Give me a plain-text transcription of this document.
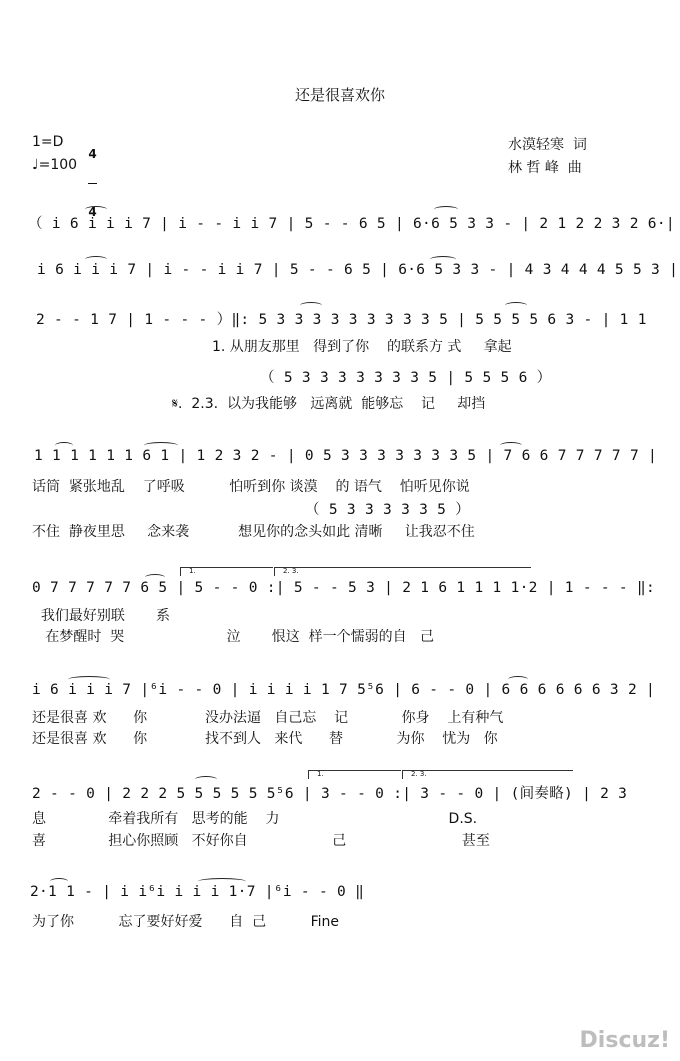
还是很喜欢你
1=D

4

4

♩=100
水漠轻寒  词
林 哲 峰  曲
（ i 6 i i i 7 | i - - i i 7 | 5 - - 6 5 | 6·6 5 3 3 - | 2 1 2 2 3 2 6·|
i 6 i i i 7 | i - - i i 7 | 5 - - 6 5 | 6·6 5 3 3 - | 4 3 4 4 4 5 5 3 |
2 - - 1 7 | 1 - - - ）‖: 5 3 3 3 3 3 3 3 3 3 5 | 5 5 5 5 6 3 - | 1 1
1. 从朋友那里   得到了你    的联系方 式     拿起
（ 5 3 3 3 3 3 3 3 5 | 5 5 5 6 ）
𝄋.  2.3.  以为我能够   远离就  能够忘    记     却挡
1 1 1 1 1 1 6 1 | 1 2 3 2 - | 0 5 3 3 3 3 3 3 3 5 | 7 6 6 7 7 7 7 7 |
话筒  紧张地乱    了呼吸          怕听到你 谈漠    的 语气    怕听见你说
（ 5 3 3 3 3 3 5 ）
不住  静夜里思     念来袭           想见你的念头如此 清晰     让我忍不住
1.	2. 3.
0 7 7 7 7 7 6 5 | 5 - - 0 :| 5 - - 5 3 | 2 1 6 1 1 1 1·2 | 1 - - - ‖:
我们最好别联       系
在梦醒时  哭                       泣       恨这  样一个懦弱的自   己
i 6 i i i 7 |⁶i - - 0 | i i i i 1 7 5⁵6 | 6 - - 0 | 6 6 6 6 6 6 3 2 |
还是很喜 欢      你             没办法逼   自己忘    记            你身    上有种气
还是很喜 欢      你             找不到人   来代      替            为你    忧为   你
1.	2. 3.
2 - - 0 | 2 2 2 5 5 5 5 5 5⁵6 | 3 - - 0 :| 3 - - 0 | (间奏略) | 2 3
息              牵着我所有   思考的能    力                                      D.S.
喜              担心你照顾   不好你自                   己                          甚至
2·1 1 - | i i⁶i i i i 1·7 |⁶i - - 0 ‖
为了你          忘了要好好爱      自  己          Fine
Discuz!
